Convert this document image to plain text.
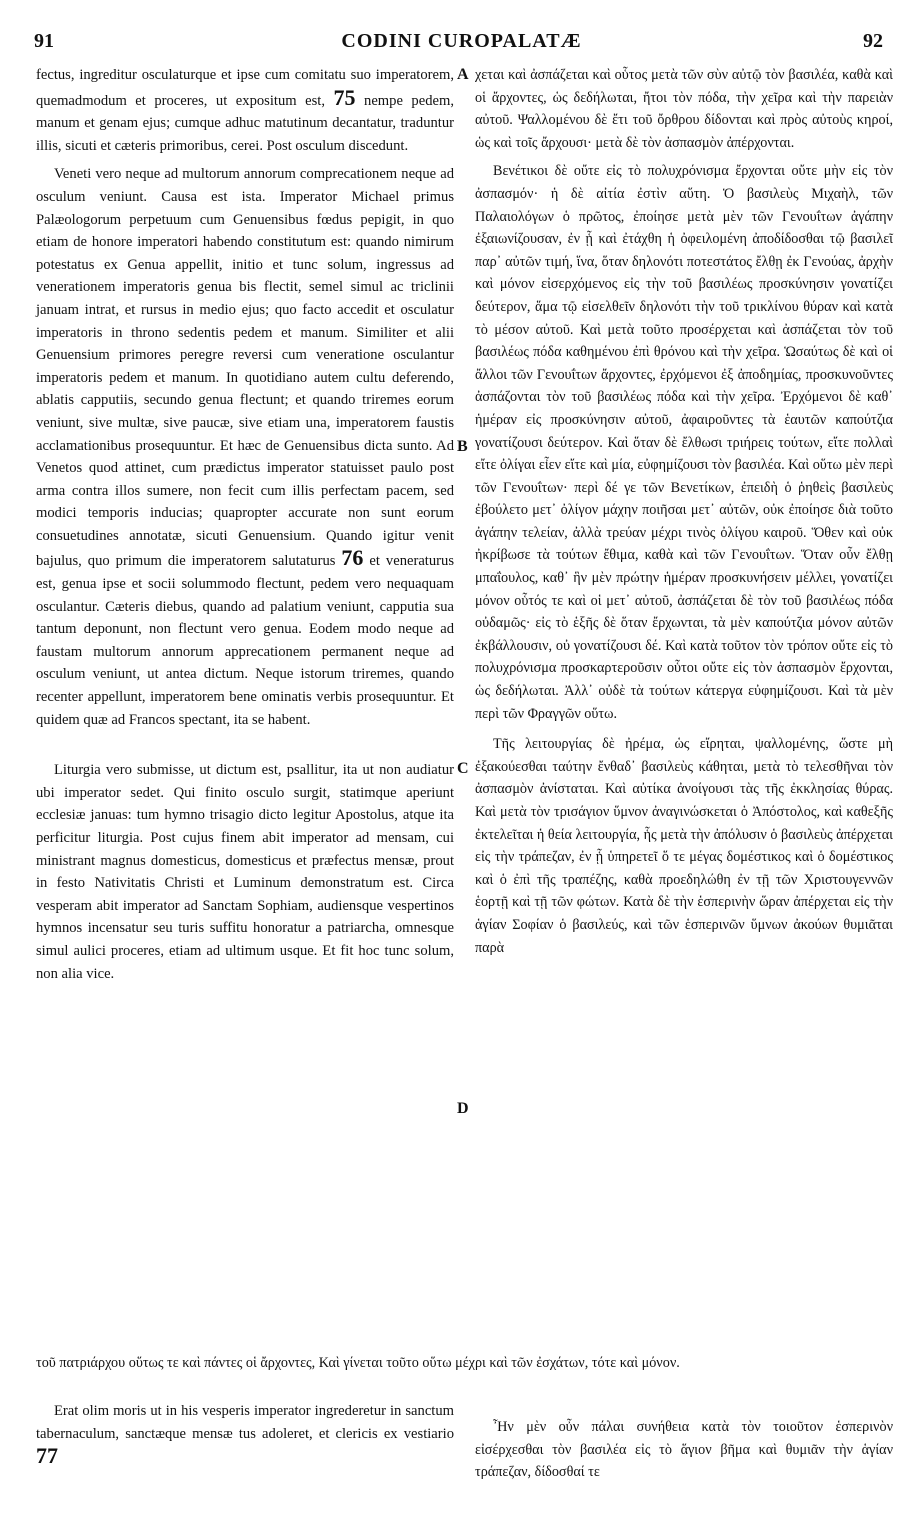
91	CODINI CUROPALATÆ	92

fectus, ingreditur osculaturque et ipse cum comitatu suo imperatorem, quemadmodum et proceres, ut expositum est, 75 nempe pedem, manum et genam ejus; cumque adhuc matutinum decantatur, traduntur illis, sicuti et cæteris primoribus, cerei. Post osculum discedunt.

Veneti vero neque ad multorum annorum comprecationem neque ad osculum veniunt. Causa est ista. Imperator Michael primus Palæologorum perpetuum cum Genuensibus fœdus pepigit, in quo etiam de honore imperatori habendo constitutum est: quando nimirum potestatus ex Genua appellit, initio et tunc solum, ingressus ad venerationem imperatoris genua bis flectit, semel simul ac triclinii januam intrat, et rursus in medio ejus; quo facto accedit et osculatur imperatoris in throno sedentis pedem et manum. Similiter et alii Genuensium primores peregre reversi cum veneratione osculantur imperatoris pedem et manum. In quotidiano autem cultu deferendo, ablatis capputiis, secundo genua flectunt; et quando triremes eorum veniunt, sive multæ, sive paucæ, sive etiam una, imperatorem faustis acclamationibus prosequuntur. Et hæc de Genuensibus dicta sunto. Ad Venetos quod attinet, cum prædictus imperator statuisset paulo post arma contra illos sumere, non fecit cum illis perfectam pacem, sed modici temporis inducias; quapropter accurate non sunt eorum consuetudines annotatæ, sicuti Genuensium. Quando igitur venit bajulus, quo primum die imperatorem salutaturus 76 et veneraturus est, genua ipse et socii solummodo flectunt, pedem vero nequaquam osculantur. Cæteris diebus, quando ad palatium veniunt, capputia sua tantum deponunt, non flectunt vero genua. Eodem modo neque ad faustam multorum annorum apprecationem permanent neque ad osculum veniunt, ut antea dictum. Neque istorum triremes, quando recenter appellunt, imperatorem bene ominatis verbis prosequuntur. Et quidem quæ ad Francos spectant, ita se habent.

Liturgia vero submisse, ut dictum est, psallitur, ita ut non audiatur ubi imperator sedet. Qui finito osculo surgit, statimque aperiunt ecclesiæ januas: tum hymno trisagio dicto legitur Apostolus, atque ita perficitur liturgia. Post cujus finem abit imperator ad mensam, cui ministrant magnus domesticus, domesticus et præfectus mensæ, prout in festo Nativitatis Christi et Luminum demonstratum est. Circa vesperam abit imperator ad Sanctam Sophiam, audiensque vespertinos hymnos incensatur seu turis suffitu honoratur a patriarcha, omnesque simul aulici proceres, etiam ad ultimum usque. Et fit hoc tunc solum, non alia vice.

χεται καὶ ἀσπάζεται καὶ οὗτος μετὰ τῶν σὺν αὐτῷ τὸν βασιλέα, καθὰ καὶ οἱ ἄρχοντες, ὡς δεδήλωται, ἤτοι τὸν πόδα, τὴν χεῖρα καὶ τὴν παρειὰν αὐτοῦ. Ψαλλομένου δὲ ἔτι τοῦ ὄρθρου δίδονται καὶ πρὸς αὐτοὺς κηροί, ὡς καὶ τοῖς ἄρχουσι· μετὰ δὲ τὸν ἀσπασμὸν ἀπέρχονται.

Βενέτικοι δὲ οὔτε εἰς τὸ πολυχρόνισμα ἔρχονται οὔτε μὴν εἰς τὸν ἀσπασμόν· ἡ δὲ αἰτία ἐστὶν αὕτη. Ὁ βασιλεὺς Μιχαὴλ, τῶν Παλαιολόγων ὁ πρῶτος, ἐποίησε μετὰ μὲν τῶν Γενουΐτων ἀγάπην ἐξαιωνίζουσαν, ἐν ᾗ καὶ ἐτάχθη ἡ ὀφειλομένη ἀποδίδοσθαι τῷ βασιλεῖ παρ᾽ αὐτῶν τιμή, ἵνα, ὅταν δηλονότι ποτεστάτος ἔλθῃ ἐκ Γενούας, ἀρχὴν καὶ μόνον εἰσερχόμενος εἰς τὴν τοῦ βασιλέως προσκύνησιν γονατίζει δεύτερον, ἅμα τῷ εἰσελθεῖν δηλονότι τὴν τοῦ τρικλίνου θύραν καὶ κατὰ τὸ μέσον αὐτοῦ. Καὶ μετὰ τοῦτο προσέρχεται καὶ ἀσπάζεται τὸν τοῦ βασιλέως πόδα καθημένου ἐπὶ θρόνου καὶ τὴν χεῖρα. Ὡσαύτως δὲ καὶ οἱ ἄλλοι τῶν Γενουΐτων ἄρχοντες, ἐρχόμενοι ἐξ ἀποδημίας, προσκυνοῦντες ἀσπάζονται τὸν τοῦ βασιλέως πόδα καὶ τὴν χεῖρα. Ἐρχόμενοι δὲ καθ᾽ ἡμέραν εἰς προσκύνησιν αὐτοῦ, ἀφαιροῦντες τὰ ἑαυτῶν καπούτζια γονατίζουσι δεύτερον. Καὶ ὅταν δὲ ἔλθωσι τριήρεις τούτων, εἴτε πολλαὶ εἴτε ὀλίγαι εἶεν εἴτε καὶ μία, εὐφημίζουσι τὸν βασιλέα. Καὶ οὕτω μὲν περὶ τῶν Γενουΐτων· περὶ δέ γε τῶν Βενετίκων, ἐπειδὴ ὁ ῥηθεὶς βασιλεὺς ἐβούλετο μετ᾽ ὀλίγον μάχην ποιῆσαι μετ᾽ αὐτῶν, οὐκ ἐποίησε διὰ τοῦτο ἀγάπην τελείαν, ἀλλὰ τρεύαν μέχρι τινὸς ὀλίγου καιροῦ. Ὅθεν καὶ οὐκ ἠκρίβωσε τὰ τούτων ἔθιμα, καθὰ καὶ τῶν Γενουΐτων. Ὅταν οὖν ἔλθῃ μπαΐουλος, καθ᾽ ἣν μὲν πρώτην ἡμέραν προσκυνήσειν μέλλει, γονατίζει μόνον οὗτός τε καὶ οἱ μετ᾽ αὐτοῦ, ἀσπάζεται δὲ τὸν τοῦ βασιλέως πόδα οὐδαμῶς· εἰς τὸ ἑξῆς δὲ ὅταν ἔρχωνται, τὰ μὲν καπούτζια μόνον αὐτῶν ἐκβάλλουσιν, οὐ γονατίζουσι δέ. Καὶ κατὰ τοῦτον τὸν τρόπον οὔτε εἰς τὸ πολυχρόνισμα προσκαρτεροῦσιν οὗτοι οὔτε εἰς τὸν ἀσπασμὸν ἔρχονται, ὡς δεδήλωται. Ἀλλ᾽ οὐδὲ τὰ τούτων κάτεργα εὐφημίζουσι. Καὶ τὰ μὲν περὶ τῶν Φραγγῶν οὕτω.

Τῆς λειτουργίας δὲ ἠρέμα, ὡς εἴρηται, ψαλλομένης, ὥστε μὴ ἐξακούεσθαι ταύτην ἔνθαδ᾽ βασιλεὺς κάθηται, μετὰ τὸ τελεσθῆναι τὸν ἀσπασμὸν ἀνίσταται. Καὶ αὐτίκα ἀνοίγουσι τὰς τῆς ἐκκλησίας θύρας. Καὶ μετὰ τὸν τρισάγιον ὕμνον ἀναγινώσκεται ὁ Ἀπόστολος, καὶ καθεξῆς ἐκτελεῖται ἡ θεία λειτουργία, ἧς μετὰ τὴν ἀπόλυσιν ὁ βασιλεὺς ἀπέρχεται εἰς τὴν τράπεζαν, ἐν ᾗ ὑπηρετεῖ ὅ τε μέγας δομέστικος καὶ ὁ δομέστικος καὶ ὁ ἐπὶ τῆς τραπέζης, καθὰ προεδηλώθη ἐν τῇ τῶν Χριστουγεννῶν ἑορτῇ καὶ τῇ τῶν φώτων. Κατὰ δὲ τὴν ἑσπερινὴν ὥραν ἀπέρχεται εἰς τὴν ἁγίαν Σοφίαν ὁ βασιλεύς, καὶ τῶν ἑσπερινῶν ὕμνων ἀκούων θυμιᾶται παρὰ

A
B
C
D
τοῦ πατριάρχου οὕτως τε καὶ πάντες οἱ ἄρχοντες, Καὶ γίνεται τοῦτο οὕτω μέχρι καὶ τῶν ἐσχάτων, τότε καὶ μόνον.

Erat olim moris ut in his vesperis imperator ingrederetur in sanctum tabernaculum, sanctæque mensæ tus adoleret, et clericis ex vestiario 77

Ἦν μὲν οὖν πάλαι συνήθεια κατὰ τὸν τοιοῦτον ἑσπερινὸν εἰσέρχεσθαι τὸν βασιλέα εἰς τὸ ἅγιον βῆμα καὶ θυμιᾶν τὴν ἁγίαν τράπεζαν, δίδοσθαί τε
